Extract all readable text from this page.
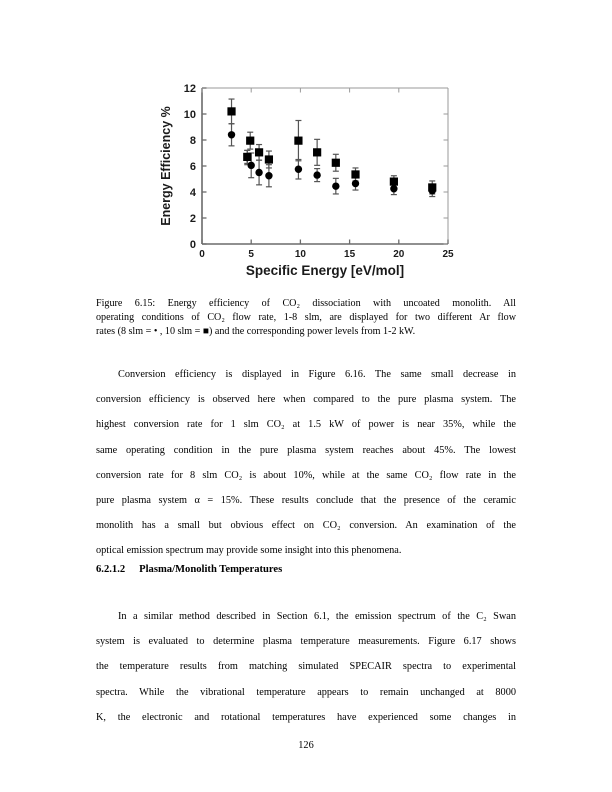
0
2
4
6
8
10
12
0	5	10	15	20	25
Specific Energy [eV/mol]
Energy Efficiency %
Figure 6.15: Energy efficiency of CO₂ dissociation with uncoated monolith. All
operating conditions of CO₂ flow rate, 1-8 slm, are displayed for two different Ar flow
rates (8 slm = • , 10 slm = ■) and the corresponding power levels from 1-2 kW.
Conversion efficiency is displayed in Figure 6.16. The same small decrease in
conversion efficiency is observed here when compared to the pure plasma system. The
highest conversion rate for 1 slm CO₂ at 1.5 kW of power is near 35%, while the
same operating condition in the pure plasma system reaches about 45%. The lowest
conversion rate for 8 slm CO₂ is about 10%, while at the same CO₂ flow rate in the
pure plasma system α = 15%. These results conclude that the presence of the ceramic
monolith has a small but obvious effect on CO₂ conversion. An examination of the
optical emission spectrum may provide some insight into this phenomena.
6.2.1.2 Plasma/Monolith Temperatures
In a similar method described in Section 6.1, the emission spectrum of the C₂ Swan
system is evaluated to determine plasma temperature measurements. Figure 6.17 shows
the temperature results from matching simulated SPECAIR spectra to experimental
spectra. While the vibrational temperature appears to remain unchanged at 8000
K, the electronic and rotational temperatures have experienced some changes in
126
